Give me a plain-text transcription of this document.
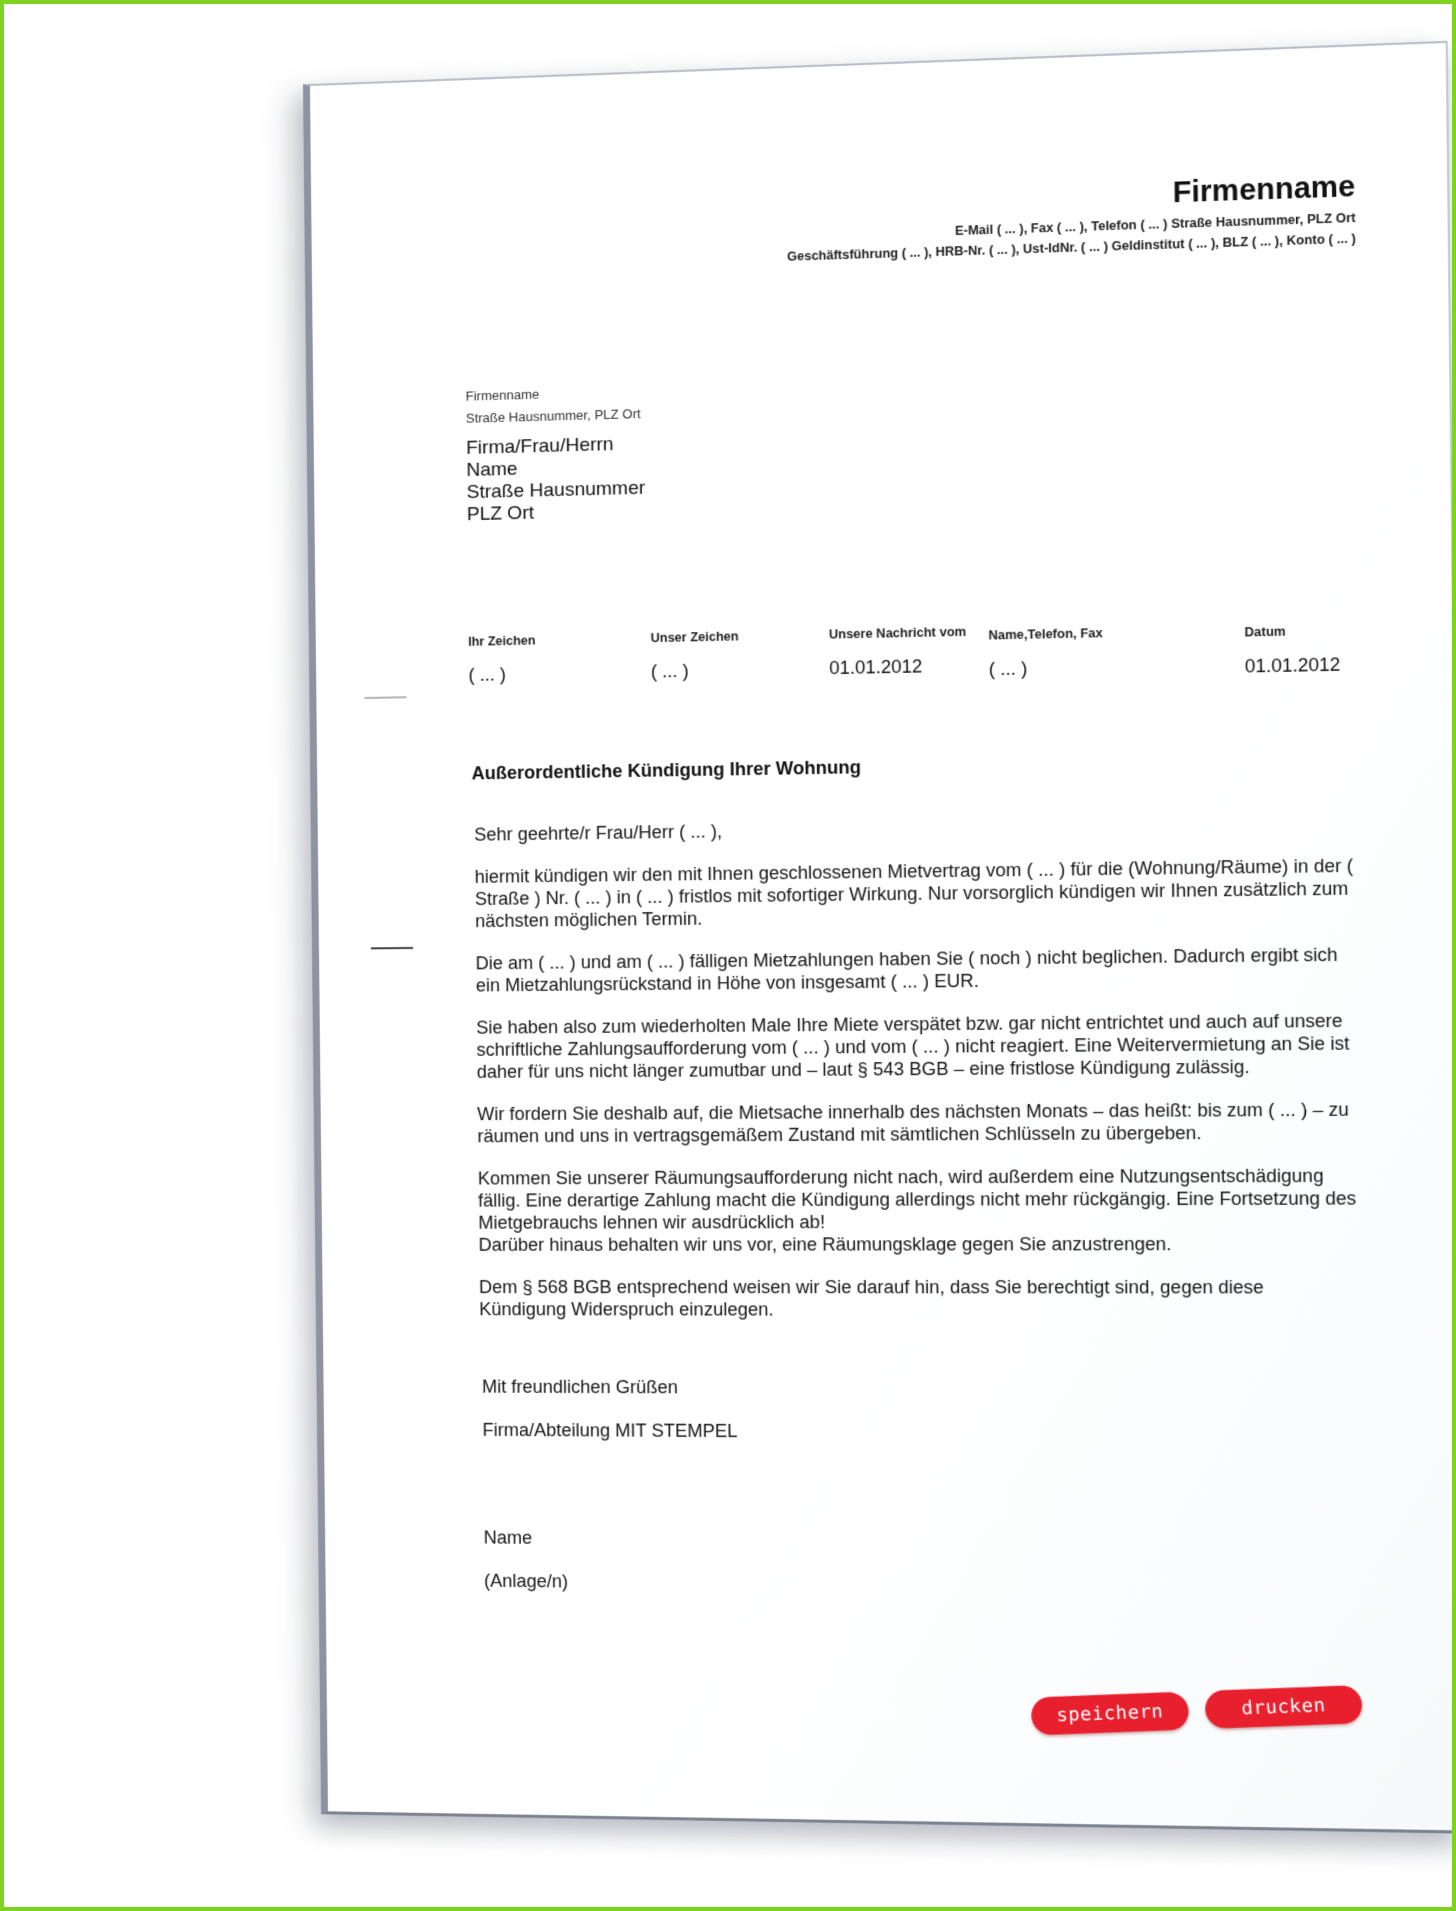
Firmenname
E-Mail ( ... ), Fax ( ... ), Telefon ( ... ) Straße Hausnummer, PLZ Ort
Geschäftsführung ( ... ), HRB-Nr. ( ... ), Ust-IdNr. ( ... ) Geldinstitut ( ... ), BLZ ( ... ), Konto ( ... )
Firmenname
Straße Hausnummer, PLZ Ort
Firma/Frau/Herrn
Name
Straße Hausnummer
PLZ Ort
Ihr Zeichen
( ... )
Unser Zeichen
( ... )
Unsere Nachricht vom
01.01.2012
Name,Telefon, Fax
( ... )
Datum
01.01.2012
Außerordentliche Kündigung Ihrer Wohnung

Sehr geehrte/r Frau/Herr ( ... ),

hiermit kündigen wir den mit Ihnen geschlossenen Mietvertrag vom ( ... ) für die (Wohnung/Räume) in der ( Straße ) Nr. ( ... ) in ( ... ) fristlos mit sofortiger Wirkung. Nur vorsorglich kündigen wir Ihnen zusätzlich zum nächsten möglichen Termin.

Die am ( ... ) und am ( ... ) fälligen Mietzahlungen haben Sie ( noch ) nicht beglichen. Dadurch ergibt sich ein Mietzahlungsrückstand in Höhe von insgesamt ( ... ) EUR.

Sie haben also zum wiederholten Male Ihre Miete verspätet bzw. gar nicht entrichtet und auch auf unsere schriftliche Zahlungsaufforderung vom ( ... ) und vom ( ... ) nicht reagiert. Eine Weitervermietung an Sie ist daher für uns nicht länger zumutbar und – laut § 543 BGB – eine fristlose Kündigung zulässig.

Wir fordern Sie deshalb auf, die Mietsache innerhalb des nächsten Monats – das heißt: bis zum ( ... ) – zu räumen und uns in vertragsgemäßem Zustand mit sämtlichen Schlüsseln zu übergeben.

Kommen Sie unserer Räumungsaufforderung nicht nach, wird außerdem eine Nutzungsentschädigung fällig. Eine derartige Zahlung macht die Kündigung allerdings nicht mehr rückgängig. Eine Fortsetzung des Mietgebrauchs lehnen wir ausdrücklich ab!

Darüber hinaus behalten wir uns vor, eine Räumungsklage gegen Sie anzustrengen.

Dem § 568 BGB entsprechend weisen wir Sie darauf hin, dass Sie berechtigt sind, gegen diese Kündigung Widerspruch einzulegen.

Mit freundlichen Grüßen
Firma/Abteilung MIT STEMPEL
Name
(Anlage/n)
speichern	drucken
